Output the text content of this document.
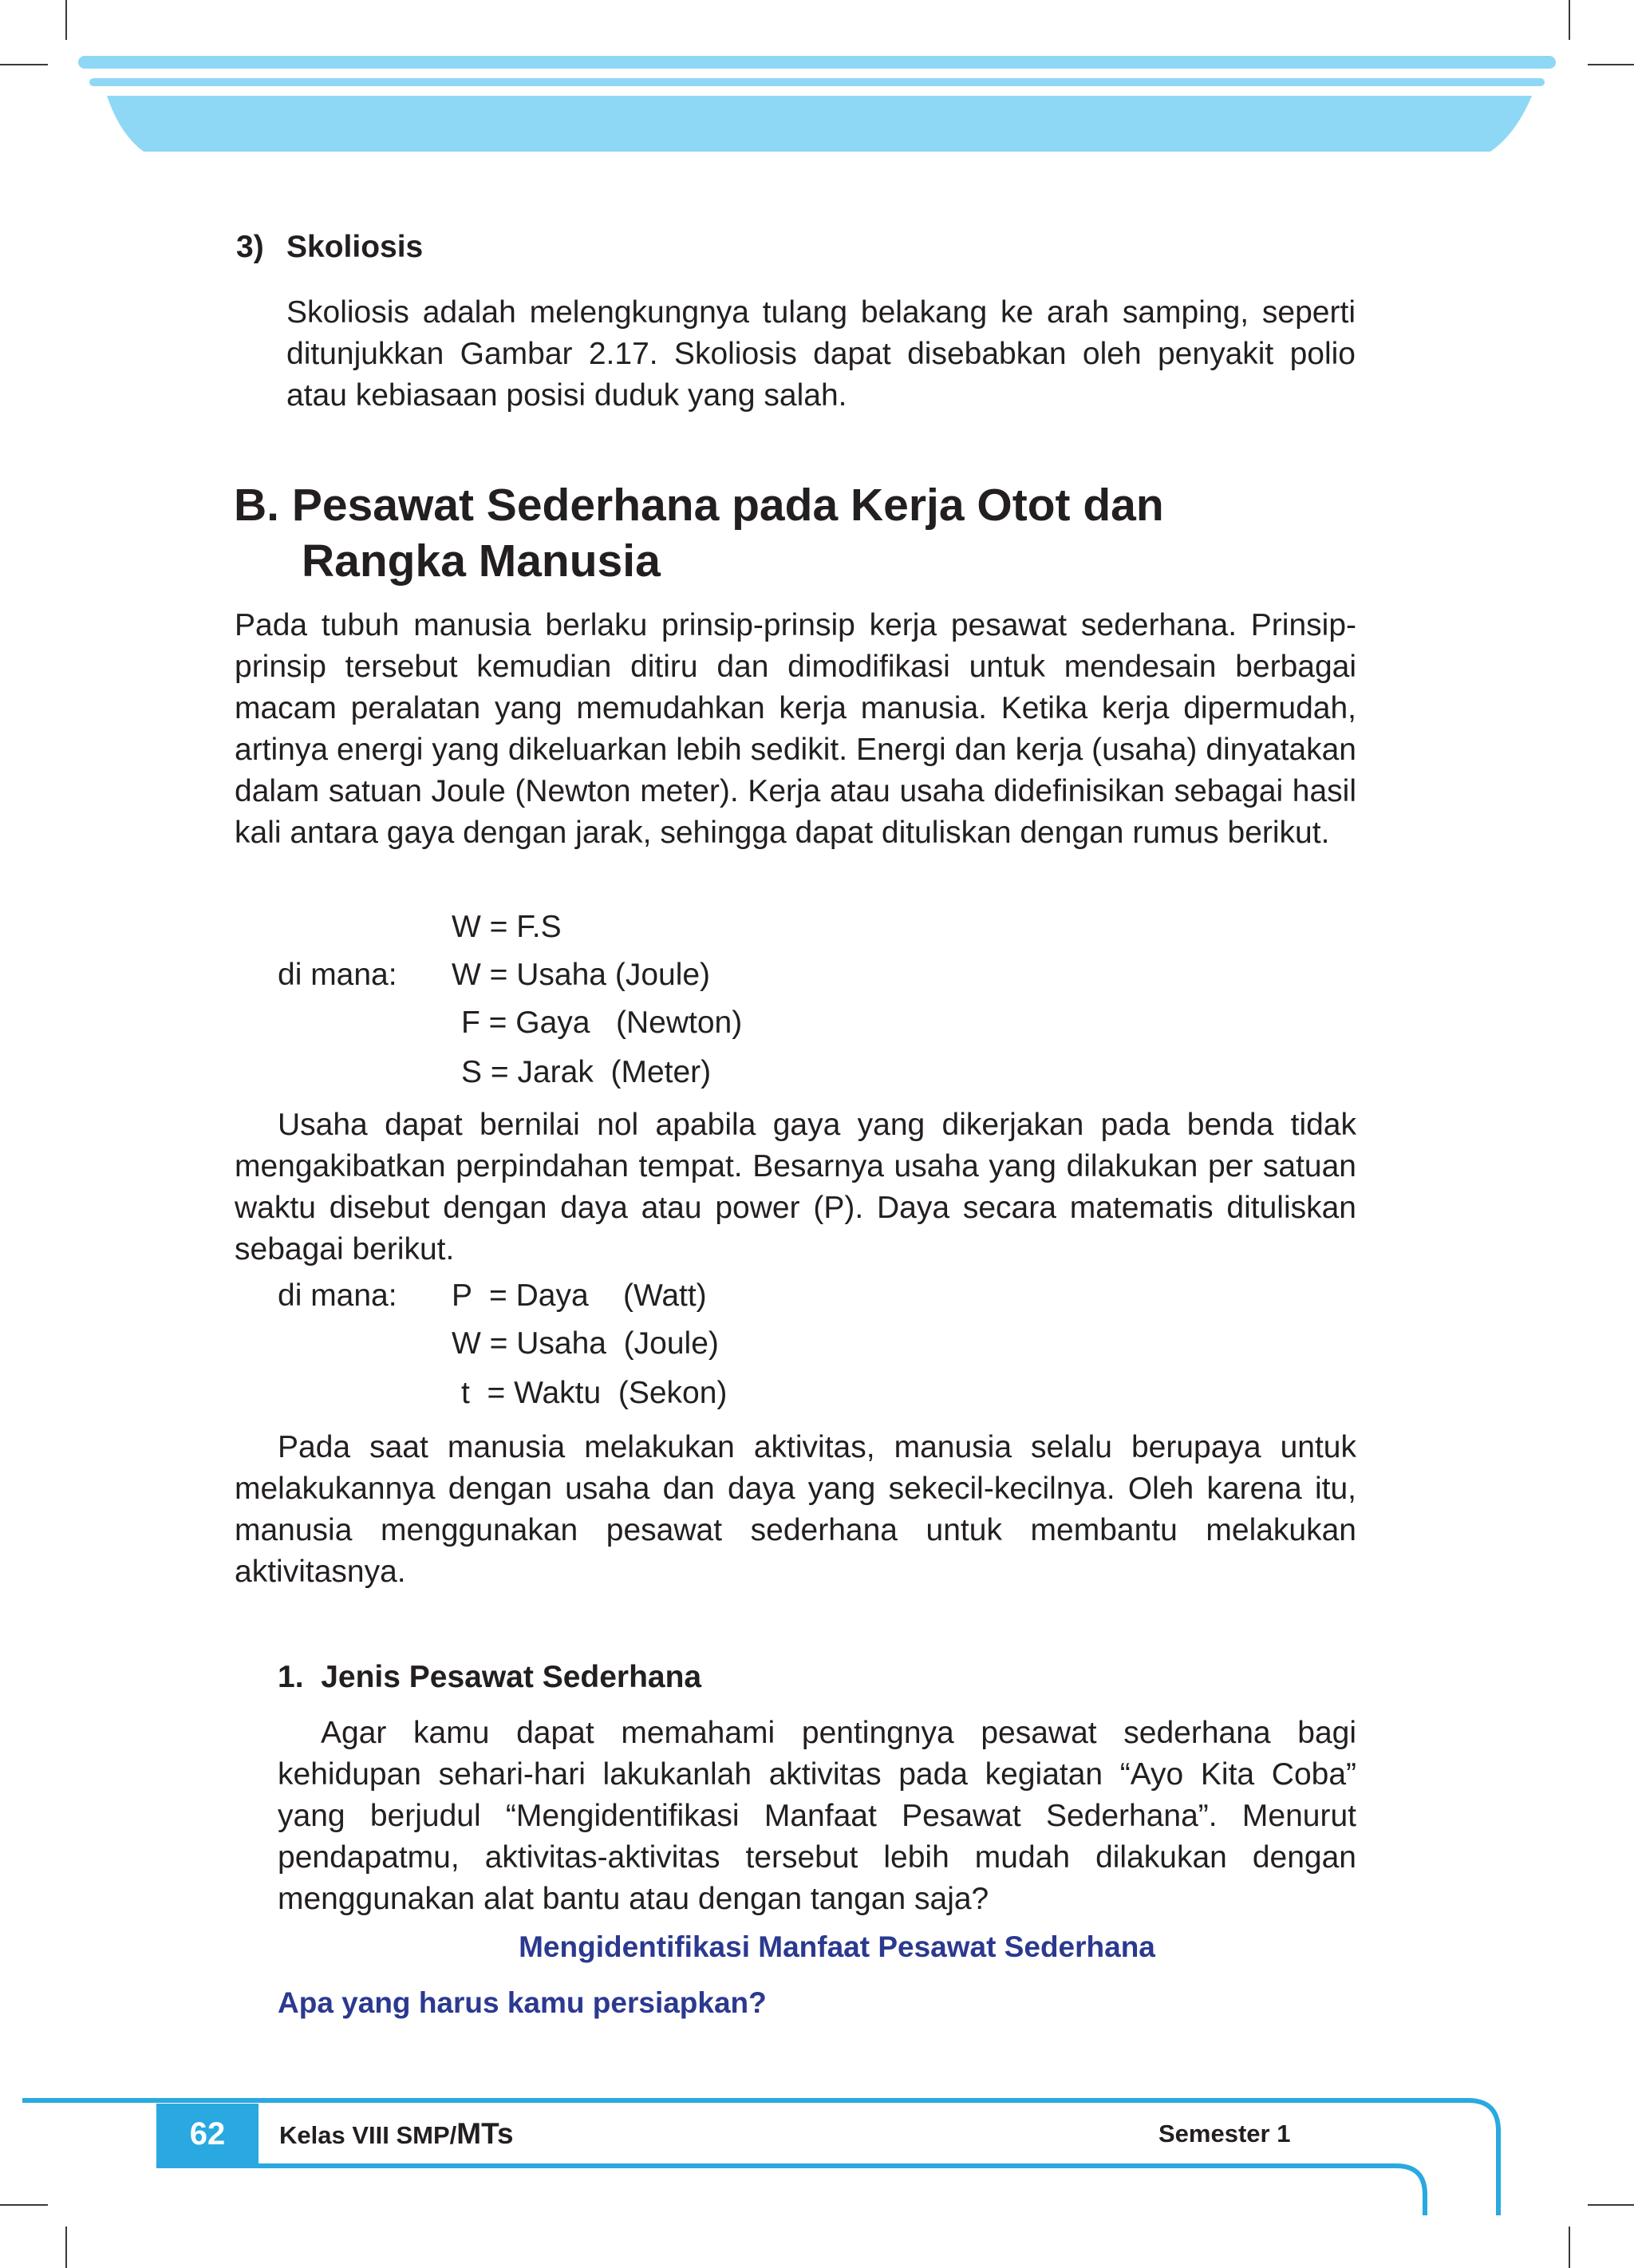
3) Skoliosis

Skoliosis adalah melengkungnya tulang belakang ke arah samping, seperti ditunjukkan Gambar 2.17. Skoliosis dapat disebabkan oleh penyakit polio atau kebiasaan posisi duduk yang salah.

B. Pesawat Sederhana pada Kerja Otot dan
Rangka Manusia

Pada tubuh manusia berlaku prinsip-prinsip kerja pesawat sederhana. Prinsip-prinsip tersebut kemudian ditiru dan dimodifikasi untuk mendesain berbagai macam peralatan yang memudahkan kerja manusia. Ketika kerja dipermudah, artinya energi yang dikeluarkan lebih sedikit. Energi dan kerja (usaha) dinyatakan dalam satuan Joule (Newton meter). Kerja atau usaha didefinisikan sebagai hasil kali antara gaya dengan jarak, sehingga dapat dituliskan dengan rumus berikut.

W = F.S
di mana: W = Usaha (Joule)
F = Gaya   (Newton)
S = Jarak  (Meter)

Usaha dapat bernilai nol apabila gaya yang dikerjakan pada benda tidak mengakibatkan perpindahan tempat. Besarnya usaha yang dilakukan per satuan waktu disebut dengan daya atau power (P). Daya secara matematis dituliskan sebagai berikut.

di mana: P  = Daya    (Watt)
W = Usaha  (Joule)
t  = Waktu  (Sekon)

Pada saat manusia melakukan aktivitas, manusia selalu berupaya untuk melakukannya dengan usaha dan daya yang sekecil-kecilnya. Oleh karena itu, manusia menggunakan pesawat sederhana untuk membantu melakukan aktivitasnya.

1.  Jenis Pesawat Sederhana

Agar kamu dapat memahami pentingnya pesawat sederhana bagi kehidupan sehari-hari lakukanlah aktivitas pada kegiatan “Ayo Kita Coba” yang berjudul “Mengidentifikasi Manfaat Pesawat Sederhana”. Menurut pendapatmu, aktivitas-aktivitas tersebut lebih mudah dilakukan dengan menggunakan alat bantu atau dengan tangan saja?

Mengidentifikasi Manfaat Pesawat Sederhana
Apa yang harus kamu persiapkan?
62	Kelas VIII SMP/MTs	Semester 1
